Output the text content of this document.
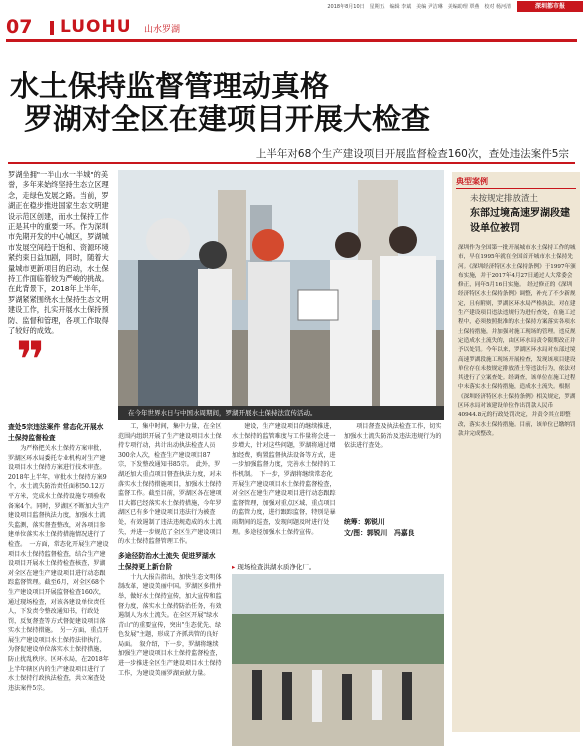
2018年8月10日　星期五　编辑 李斌　美编 尹洁琳　美编助理 覃燕　校对 杨河清	深圳都市报
07 LUOHU 山水罗湖
水土保持监督管理动真格
罗湖对全区在建项目开展大检查
上半年对68个生产建设项目开展监督检查160次，查处违法案件5宗
罗湖坐拥"一半山水一半城"的美誉，多年来始终坚持生态立区理念，走绿色发展之路。当前，罗湖正在稳步推进国家生态文明建设示范区创建，而水土保持工作正是其中的重要一环。作为深圳市先期开发的中心城区，罗湖城市发展空间趋于饱和、资源环境紧约束日益加剧，同时，随着大量城市更新项目的启动，水土保持工作面临着较为严峻的挑战。在此背景下，2018年上半年，罗湖紧紧围绕水土保持生态文明建设工作，扎实开展水土保持预防、监督和管理，各项工作取得了较好的成效。
❞
在今年世界水日与中国水周期间，罗湖开展水土保持法宣传活动。
查处5宗违法案件 常态化开展水土保持监督检查

为严格把关水土保持方案审批，罗湖区环水局委托专业机构对生产建设项目水土保持方案进行技术审查。2018年上半年，审批水土保持方案9个，水土流失防治责任面积50.12万平方米，完成水土保持设施专项验收备案4个。同时，罗湖区不断加大生产建设项目监督执法力度，加强水土流失监测，落实督查整改，对各项目参建单位落实水土保持措施情况进行了检查。　一方面，常态化开展生产建设项目水土保持监督检查，结合生产建设项目开展水土保持检查核查，罗湖对全区在建生产建设项目进行动态跟踪监督管理。截至6月，对全区68个生产建设项目开展监督检查160次，通过现场检查，对该各建设单位责任人，下发责令整改通知书，行政处罚，反复督查等方式督促建设项目落实水土保持措施。　另一方面，重点开展生产建设项目水土保持法律执行。为督促建设单位落实水土保持措施，防止扰乱秩序。区环水局，在2018年上半年辖区内的生产建设项目进行了水土保持行政执法检查，共立案查处违法案件5宗。

工，集中时间，集中力量，在全区范围内组织开展了生产建设项目水土保持专项行动，共计出动执法检查人员300余人次，检查生产建设项目87宗，下发整改通知书85宗。　此外，罗湖还加大重点项目督查执法力度，对未落实水土保持措施项目，加强水土保持监督工作。截至目前，罗湖区各在建项目大都已经落实水土保持措施，今年罗湖区已有多个建设项目违法行为被查处，有效遏制了违法违规造成的水土流失，并进一步规范了全区生产建设项目的水土保持监督管理工作。

多途径防治水土流失 促进罗湖水土保持更上新台阶

十九大报告指出，加快生态文明体制改革，建设美丽中国。罗湖区多措并举，做好水土保持宣传，加大宣传和监督力度，落实水土保持防治任务，有效遏制人为水土流失。在全区开展"绿水青山"的重要宣传，突出"生态优先、绿色发展"主题，形成了齐抓共管的良好局面。　叙介绍，下一步，罗湖将继续加强生产建设项目水土保持监督检查，进一步推进全区生产建设项目水土保持工作，为建设美丽罗湖贡献力量。

建设，生产建设项目的继续推进，水土保持的监管难度与工作量将会进一步增大，针对这些问题，罗湖将通过增加经费，购置监督执法设备等方式，进一步加强监督力度，完善水土保持的工作机制。　下一步，罗湖将继续常态化开展生产建设项目水土保持监督检查，对全区在建生产建设项目进行动态跟踪监督管理，加强对重点区域、重点项目的监管力度，进行跟踪监督，特别是暴雨期间的巡查，发现问题及时进行处理。多途径加强水土保持宣传。

项目督查及执法检查工作，切实加强水土流失防治及违法违规行为的依法进行查处。

统筹：郭锐川
文/图：郭锐川　冯嘉良
▸ 现场检查洪湖水质净化厂。
典型案例
未按规定排放渣土
东部过境高速罗湖段建设单位被罚
深圳作为全国第一批开展城市水土保持工作的城市，早在1995年就在全国首开城市水土保持先河。《深圳经济特区水土保持条例》于1997年颁布实施，并于2017年4月27日通过人大常委会修正，同年5月16日实施。　经过修正的《深圳经济特区水土保持条例》调整，补充了不少新规定，且有附则，罗湖区环水局严格执法。对在建生产建设项目违法违规行为进行查处，在施工过程中，必须按照批准的水土保持方案落实各项水土保持措施，并加强对施工现场的管理。违反规定造成水土流失的，由区环水局责令限期改正并予以处罚。今年以来，罗湖区环水局对东部过境高速罗湖段施工现场开展检查，发现该项目建设单位存在未按规定排放渣土等违法行为，依法对其进行了立案查处。经调查，该单位在施工过程中未落实水土保持措施，造成水土流失。根据《深圳经济特区水土保持条例》相关规定，罗湖区环水局对该建设单位作出罚款人民币40944.8元的行政处罚决定，并责令其立即整改，落实水土保持措施。目前，该单位已缴纳罚款并完成整改。
